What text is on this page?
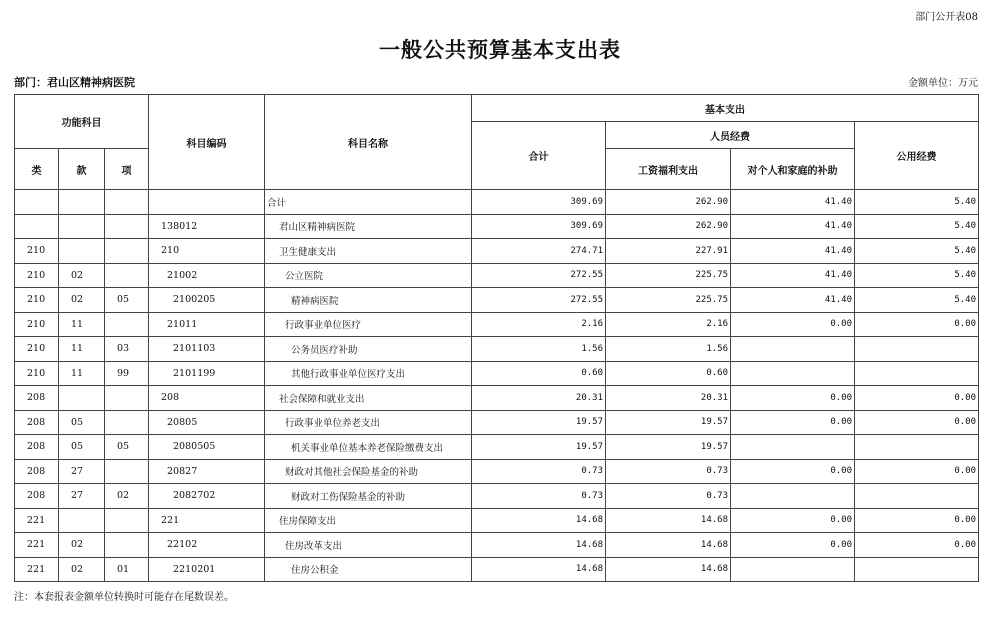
部门公开表08
一般公共预算基本支出表
部门：君山区精神病医院	金额单位：万元
功能科目			科目编码	科目名称	基本支出			
					合计	人员经费		公用经费
类	款	项				工资福利支出	对个人和家庭的补助	
				合计	309.69	262.90	41.40	5.40
			138012	君山区精神病医院	309.69	262.90	41.40	5.40
210			210	卫生健康支出	274.71	227.91	41.40	5.40
210	02		21002	公立医院	272.55	225.75	41.40	5.40
210	02	05	2100205	精神病医院	272.55	225.75	41.40	5.40
210	11		21011	行政事业单位医疗	2.16	2.16	0.00	0.00
210	11	03	2101103	公务员医疗补助	1.56	1.56		
210	11	99	2101199	其他行政事业单位医疗支出	0.60	0.60		
208			208	社会保障和就业支出	20.31	20.31	0.00	0.00
208	05		20805	行政事业单位养老支出	19.57	19.57	0.00	0.00
208	05	05	2080505	机关事业单位基本养老保险缴费支出	19.57	19.57		
208	27		20827	财政对其他社会保险基金的补助	0.73	0.73	0.00	0.00
208	27	02	2082702	财政对工伤保险基金的补助	0.73	0.73		
221			221	住房保障支出	14.68	14.68	0.00	0.00
221	02		22102	住房改革支出	14.68	14.68	0.00	0.00
221	02	01	2210201	住房公积金	14.68	14.68		
注：本套报表金额单位转换时可能存在尾数误差。
